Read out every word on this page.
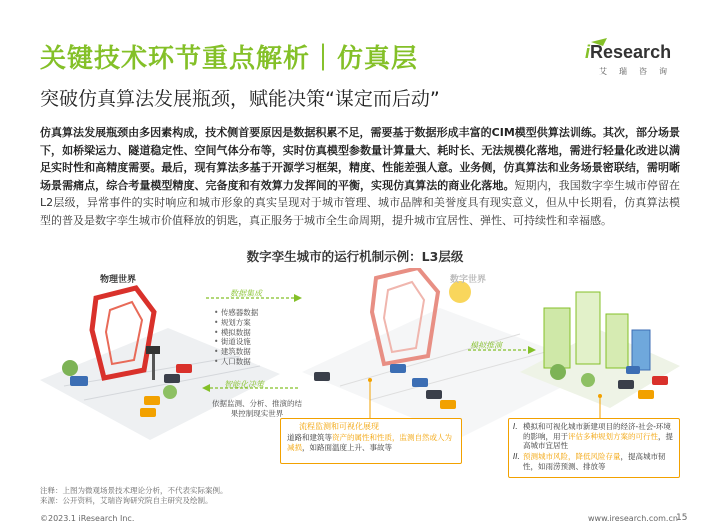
关键技术环节重点解析｜仿真层
突破仿真算法发展瓶颈，赋能决策“谋定而后动”
iResearch
艾瑞咨询
仿真算法发展瓶颈由多因素构成，技术侧首要原因是数据积累不足，需要基于数据形成丰富的CIM模型供算法训练。其次，部分场景下，如桥梁运力、隧道稳定性、空间气体分布等，实时仿真模型参数量计算量大、耗时长、无法规模化落地，需进行轻量化改进以满足实时性和高精度需要。最后，现有算法多基于开源学习框架，精度、性能差强人意。业务侧，仿真算法和业务场景密联结，需明晰场景需痛点，综合考量模型精度、完备度和有效算力发挥间的平衡，实现仿真算法的商业化落地。短期内，我国数字孪生城市停留在L2层级，异常事件的实时响应和城市形象的真实呈现对于城市管理、城市品牌和美誉度具有现实意义，但从中长期看，仿真算法模型的普及是数字孪生城市价值释放的钥匙，真正服务于城市全生命周期，提升城市宜居性、弹性、可持续性和幸福感。
数字孪生城市的运行机制示例：L3层级
物理世界	数字世界
数据集成
• 传感器数据
• 规划方案
• 模拟数据
• 街道设施
• 建筑数据
• 人口数据
智能化决策
依据监测、分析、推演的结果控制现实世界
模拟推演
流程监测和可视化展现
道路和建筑等资产的属性和性质，监测自然或人为减损，如路面温度上升、事故等
I. 模拟和可视化城市新建项目的经济-社会-环境的影响，用于评估多种规划方案的可行性，提高城市宜居性
II. 预测城市风险，降低风险存量，提高城市韧性，如雨涝预测、排放等
注释：上图为微观场景技术理论分析，不代表实际案例。
来源：公开资料，艾瑞咨询研究院自主研究及绘制。
©2023.1 iResearch Inc.	www.iresearch.com.cn
15
